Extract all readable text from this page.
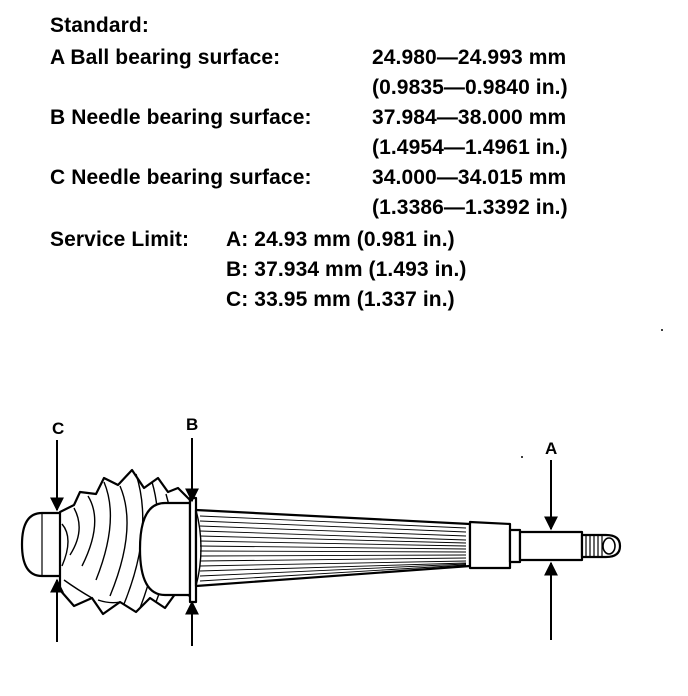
Standard:
A Ball bearing surface:	24.980—24.993 mm
(0.9835—0.9840 in.)
B Needle bearing surface:	37.984—38.000 mm
(1.4954—1.4961 in.)
C Needle bearing surface:	34.000—34.015 mm
(1.3386—1.3392 in.)
Service Limit: A: 24.93 mm (0.981 in.)
B: 37.934 mm (1.493 in.)
C: 33.95 mm (1.337 in.)
C	B
A
